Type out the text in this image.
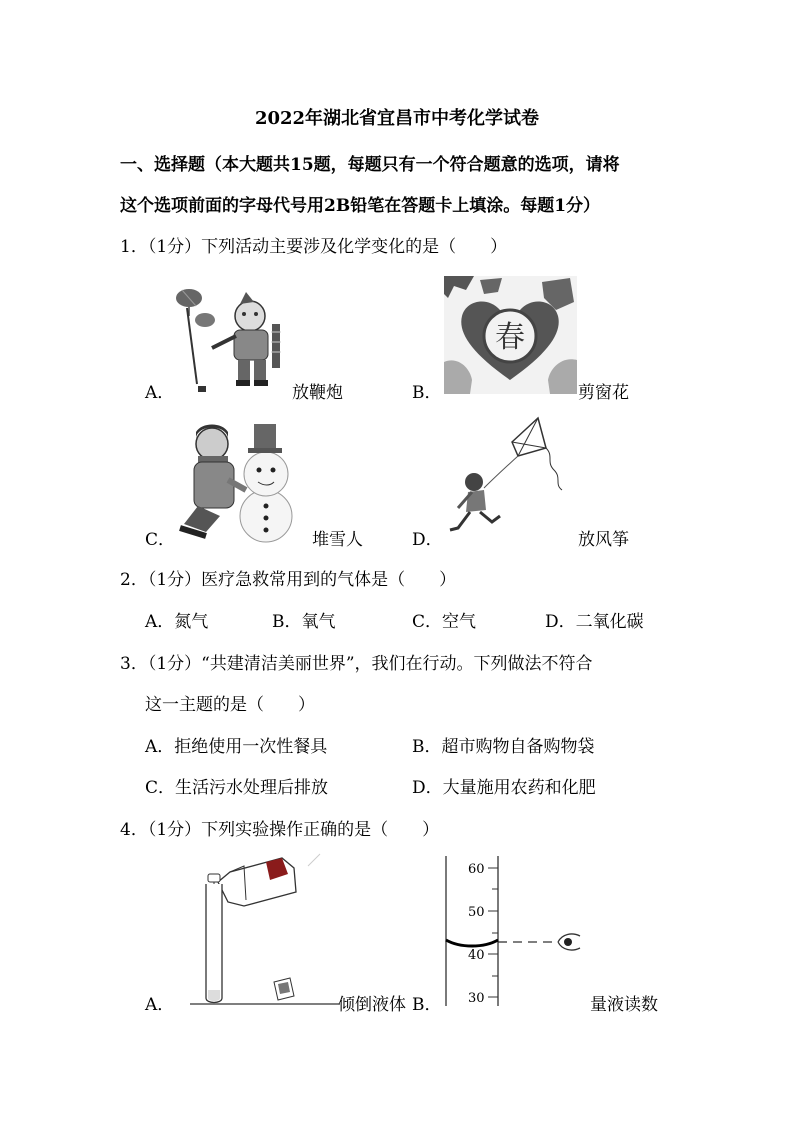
2022年湖北省宜昌市中考化学试卷
一、选择题（本大题共15题，每题只有一个符合题意的选项，请将
这个选项前面的字母代号用2B铅笔在答题卡上填涂。每题1分）
1．（1分）下列活动主要涉及化学变化的是（　　）
A．	放鞭炮
春
B．	剪窗花
C．	堆雪人	D．	放风筝
2．（1分）医疗急救常用到的气体是（　　）
A．氮气	B．氧气	C．空气	D．二氧化碳
3．（1分）“共建清洁美丽世界”，我们在行动。下列做法不符合
这一主题的是（　　）
A．拒绝使用一次性餐具	B．超市购物自备购物袋
C．生活污水处理后排放	D．大量施用农药和化肥
4．（1分）下列实验操作正确的是（　　）
A．	倾倒液体
60
50
40
30
B．	量液读数
